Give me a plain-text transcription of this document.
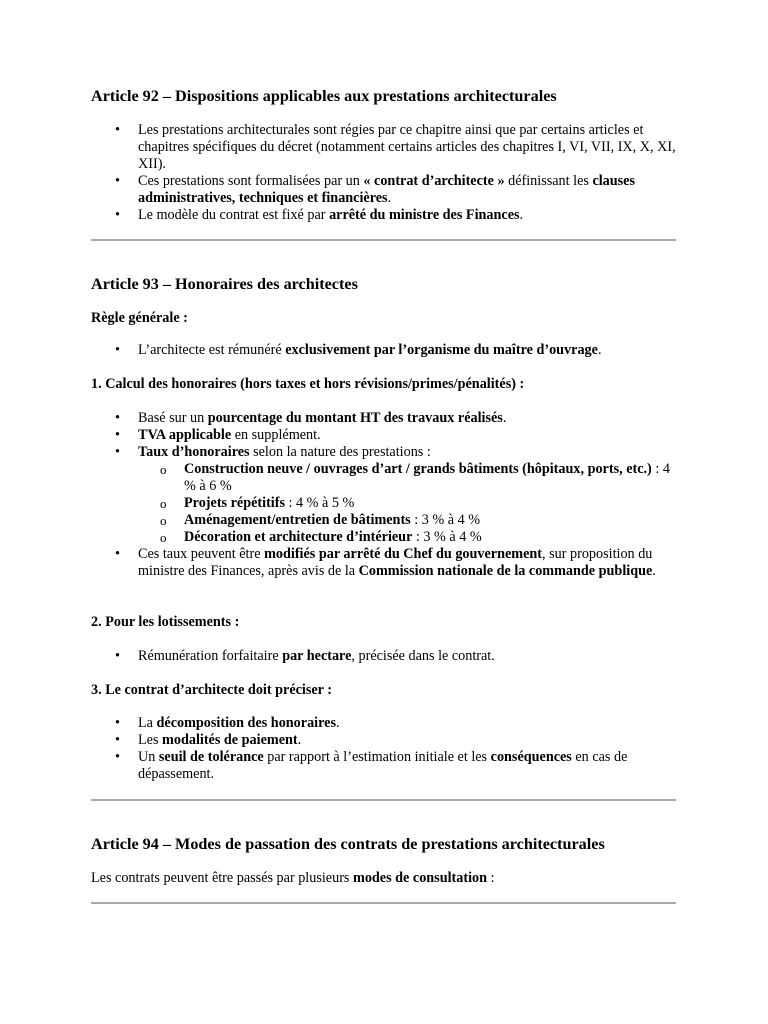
Article 92 – Dispositions applicables aux prestations architecturales
• Les prestations architecturales sont régies par ce chapitre ainsi que par certains articles et chapitres spécifiques du décret (notamment certains articles des chapitres I, VI, VII, IX, X, XI, XII).
• Ces prestations sont formalisées par un « contrat d’architecte » définissant les clauses administratives, techniques et financières.
• Le modèle du contrat est fixé par arrêté du ministre des Finances.
Article 93 – Honoraires des architectes

Règle générale :

• L’architecte est rémunéré exclusivement par l’organisme du maître d’ouvrage.

1. Calcul des honoraires (hors taxes et hors révisions/primes/pénalités) :

• Basé sur un pourcentage du montant HT des travaux réalisés.
• TVA applicable en supplément.
• Taux d’honoraires selon la nature des prestations :
o Construction neuve / ouvrages d’art / grands bâtiments (hôpitaux, ports, etc.) : 4 % à 6 %
o Projets répétitifs : 4 % à 5 %
o Aménagement/entretien de bâtiments : 3 % à 4 %
o Décoration et architecture d’intérieur : 3 % à 4 %
• Ces taux peuvent être modifiés par arrêté du Chef du gouvernement, sur proposition du ministre des Finances, après avis de la Commission nationale de la commande publique.

2. Pour les lotissements :

• Rémunération forfaitaire par hectare, précisée dans le contrat.

3. Le contrat d’architecte doit préciser :

• La décomposition des honoraires.
• Les modalités de paiement.
• Un seuil de tolérance par rapport à l’estimation initiale et les conséquences en cas de dépassement.
Article 94 – Modes de passation des contrats de prestations architecturales

Les contrats peuvent être passés par plusieurs modes de consultation :
